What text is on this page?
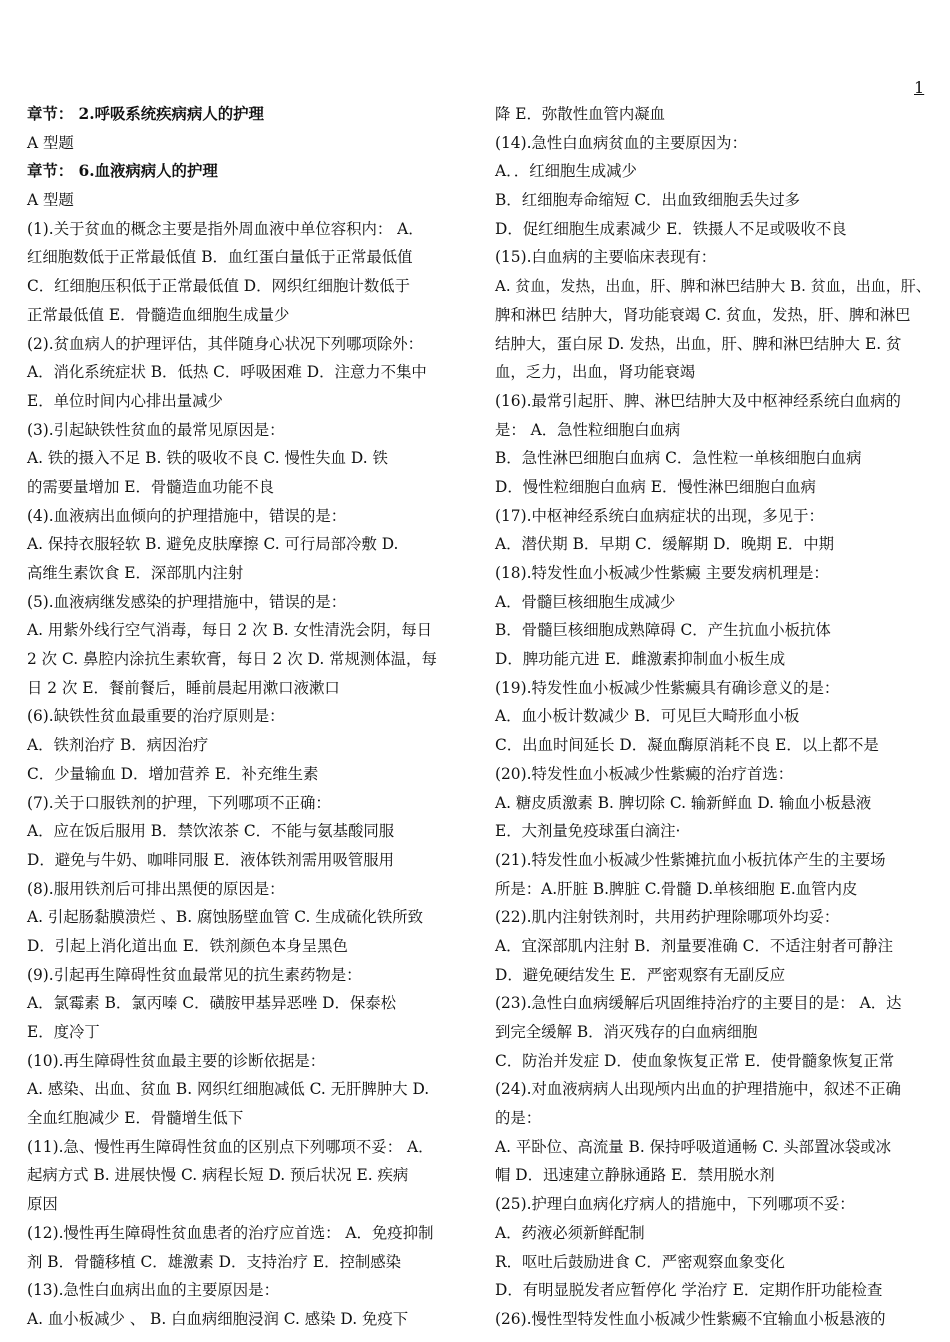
1
章节： 2.呼吸系统疾病病人的护理
A 型题
章节： 6.血液病病人的护理
A 型题
(1).关于贫血的概念主要是指外周血液中单位容积内： A．
红细胞数低于正常最低值 B．血红蛋白量低于正常最低值
C．红细胞压积低于正常最低值 D．网织红细胞计数低于
正常最低值 E．骨髓造血细胞生成量少
(2).贫血病人的护理评估，其伴随身心状况下列哪项除外：
A．消化系统症状 B．低热 C．呼吸困难 D．注意力不集中
E．单位时间内心排出量减少
(3).引起缺铁性贫血的最常见原因是：
A. 铁的摄入不足 B. 铁的吸收不良 C. 慢性失血 D. 铁
的需要量增加 E．骨髓造血功能不良
(4).血液病出血倾向的护理措施中，错误的是：
A. 保持衣服轻软 B. 避免皮肤摩擦 C. 可行局部冷敷 D.
高维生素饮食 E．深部肌内注射
(5).血液病继发感染的护理措施中，错误的是：
A. 用紫外线行空气消毒，每日 2 次 B. 女性清洗会阴，每日
2 次 C. 鼻腔内涂抗生素软膏，每日 2 次 D. 常规测体温，每
日 2 次 E．餐前餐后，睡前晨起用漱口液漱口
(6).缺铁性贫血最重要的治疗原则是：
A．铁剂治疗 B．病因治疗
C．少量输血 D．增加营养 E．补充维生素
(7).关于口服铁剂的护理，下列哪项不正确：
A．应在饭后服用 B．禁饮浓茶 C．不能与氨基酸同服
D．避免与牛奶、咖啡同服 E．液体铁剂需用吸管服用
(8).服用铁剂后可排出黑便的原因是：
A. 引起肠黏膜溃烂 、B. 腐蚀肠壁血管 C. 生成硫化铁所致
D．引起上消化道出血 E．铁剂颜色本身呈黑色
(9).引起再生障碍性贫血最常见的抗生素药物是：
A．氯霉素 B．氯丙嗪 C．磺胺甲基异恶唑 D．保泰松
E．度冷丁
(10).再生障碍性贫血最主要的诊断依据是：
A. 感染、出血、贫血 B. 网织红细胞减低 C. 无肝脾肿大 D.
全血红胞减少 E．骨髓增生低下
(11).急、慢性再生障碍性贫血的区别点下列哪项不妥： A．
起病方式 B. 进展快慢 C. 病程长短 D. 预后状况 E. 疾病
原因
(12).慢性再生障碍性贫血患者的治疗应首选： A．免疫抑制
剂 B．骨髓移植 C．雄激素 D．支持治疗 E．控制感染
(13).急性白血病出血的主要原因是：
A. 血小板减少 、 B. 白血病细胞浸润 C. 感染 D. 免疫下
降 E．弥散性血管内凝血
(14).急性白血病贫血的主要原因为：
A．．红细胞生成减少
B．红细胞寿命缩短 C．出血致细胞丢失过多
D．促红细胞生成素减少 E．铁摄人不足或吸收不良
(15).白血病的主要临床表现有：
A. 贫血，发热，出血，肝、脾和淋巴结肿大 B. 贫血，出血，肝、
脾和淋巴 结肿大，肾功能衰竭 C. 贫血，发热，肝、脾和淋巴
结肿大，蛋白尿 D. 发热，出血，肝、脾和淋巴结肿大 E. 贫
血，乏力，出血，肾功能衰竭
(16).最常引起肝、脾、淋巴结肿大及中枢神经系统白血病的
是： A．急性粒细胞白血病
B．急性淋巴细胞白血病 C．急性粒一单核细胞白血病
D．慢性粒细胞白血病 E．慢性淋巴细胞白血病
(17).中枢神经系统白血病症状的出现，多见于：
A．潜伏期 B．早期 C．缓解期 D．晚期 E．中期
(18).特发性血小板减少性紫癜 主要发病机理是：
A．骨髓巨核细胞生成减少
B．骨髓巨核细胞成熟障碍 C．产生抗血小板抗体
D．脾功能亢进 E．雌激素抑制血小板生成
(19).特发性血小板减少性紫癜具有确诊意义的是：
A．血小板计数减少 B．可见巨大畸形血小板
C．出血时间延长 D．凝血酶原消耗不良 E．以上都不是
(20).特发性血小板减少性紫癜的治疗首选：
A. 糖皮质激素 B. 脾切除 C. 输新鲜血 D. 输血小板悬液
E．大剂量免疫球蛋白滴注·
(21).特发性血小板减少性紫摊抗血小板抗体产生的主要场
所是：A.肝脏 B.脾脏 C.骨髓 D.单核细胞 E.血管内皮
(22).肌内注射铁剂时，共用药护理除哪项外均妥：
A．宜深部肌内注射 B．剂量要准确 C．不适注射者可静注
D．避免硬结发生 E．严密观察有无副反应
(23).急性白血病缓解后巩固维持治疗的主要目的是： A．达
到完全缓解 B．消灭残存的白血病细胞
C．防治并发症 D．使血象恢复正常 E．使骨髓象恢复正常
(24).对血液病病人出现颅内出血的护理措施中，叙述不正确
的是：
A. 平卧位、高流量 B. 保持呼吸道通畅 C. 头部置冰袋或冰
帽 D．迅速建立静脉通路 E．禁用脱水剂
(25).护理白血病化疗病人的措施中，下列哪项不妥：
A．药液必须新鲜配制
R．呕吐后鼓励进食 C．严密观察血象变化
D．有明显脱发者应暂停化 学治疗 E．定期作肝功能检查
(26).慢性型特发性血小板减少性紫癜不宜输血小板悬液的
